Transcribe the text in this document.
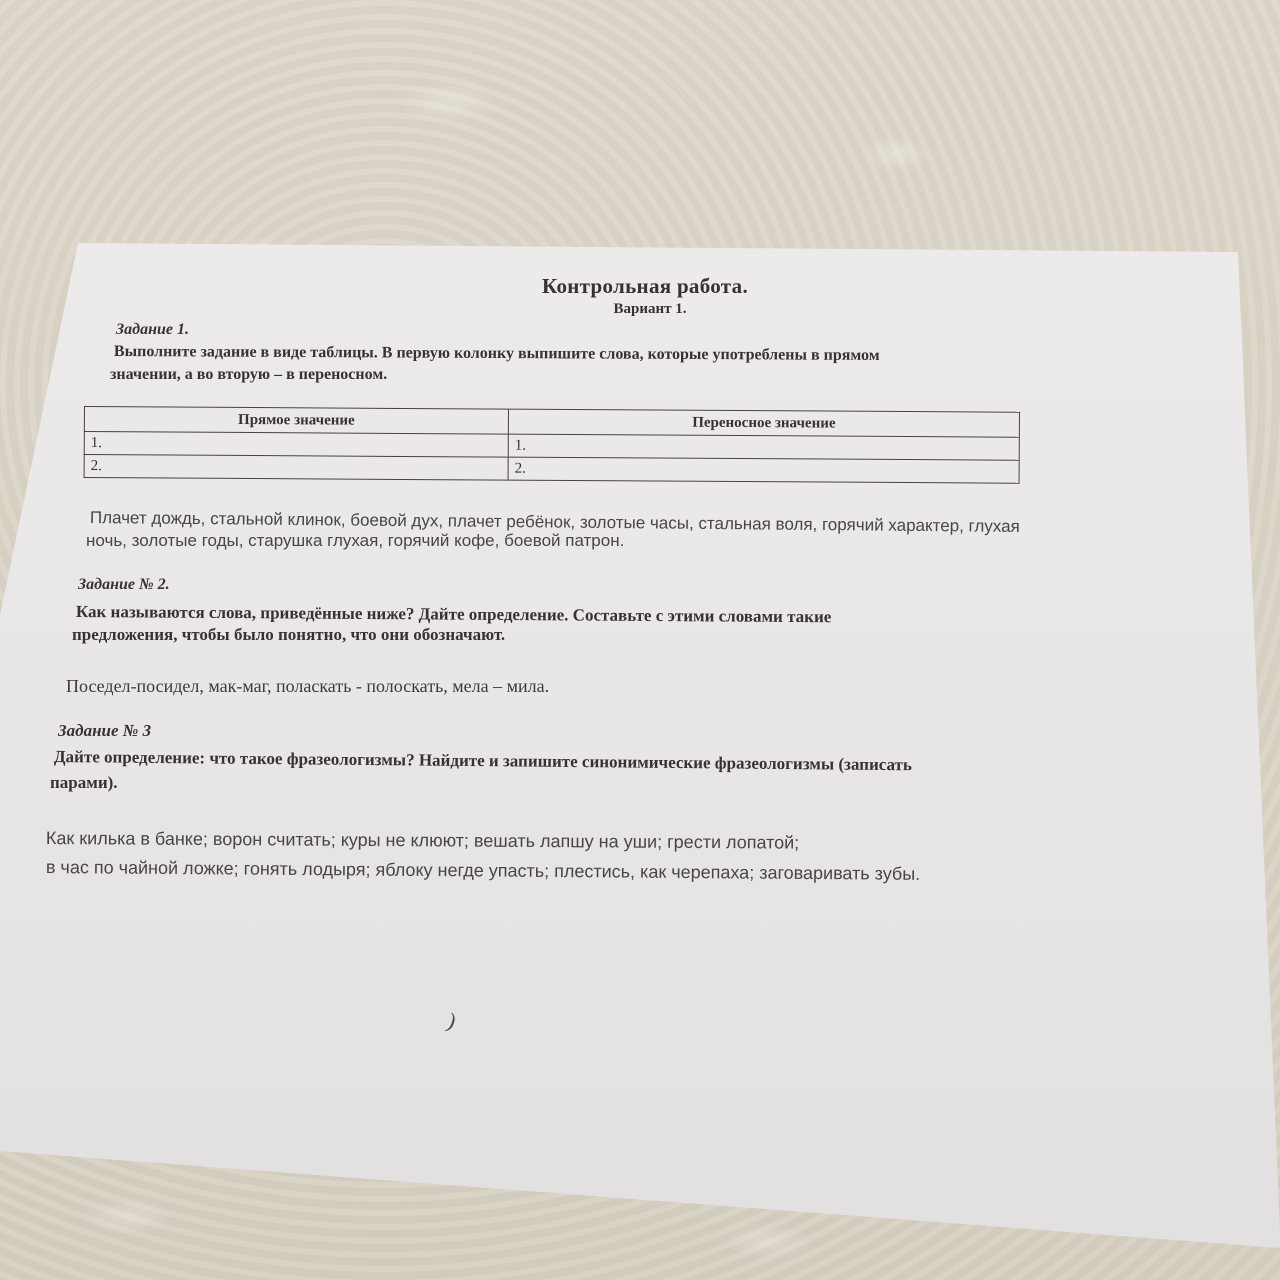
Контрольная работа.
Вариант 1.
Задание 1.
Выполните задание в виде таблицы. В первую колонку выпишите слова, которые употреблены в прямом
значении, а во вторую – в переносном.
Прямое значение	Переносное значение
1.	1.
2.	2.
Плачет дождь, стальной клинок, боевой дух, плачет ребёнок, золотые часы, стальная воля, горячий характер, глухая
ночь, золотые годы, старушка глухая, горячий кофе, боевой патрон.
Задание № 2.
Как называются слова, приведённые ниже? Дайте определение. Составьте с этими словами такие
предложения, чтобы было понятно, что они обозначают.
Поседел-посидел, мак-маг, поласкать - полоскать, мела – мила.
Задание № 3
Дайте определение: что такое фразеологизмы? Найдите и запишите синонимические фразеологизмы (записать
парами).
Как килька в банке; ворон считать; куры не клюют; вешать лапшу на уши; грести лопатой;
в час по чайной ложке; гонять лодыря; яблоку негде упасть; плестись, как черепаха; заговаривать зубы.
)
